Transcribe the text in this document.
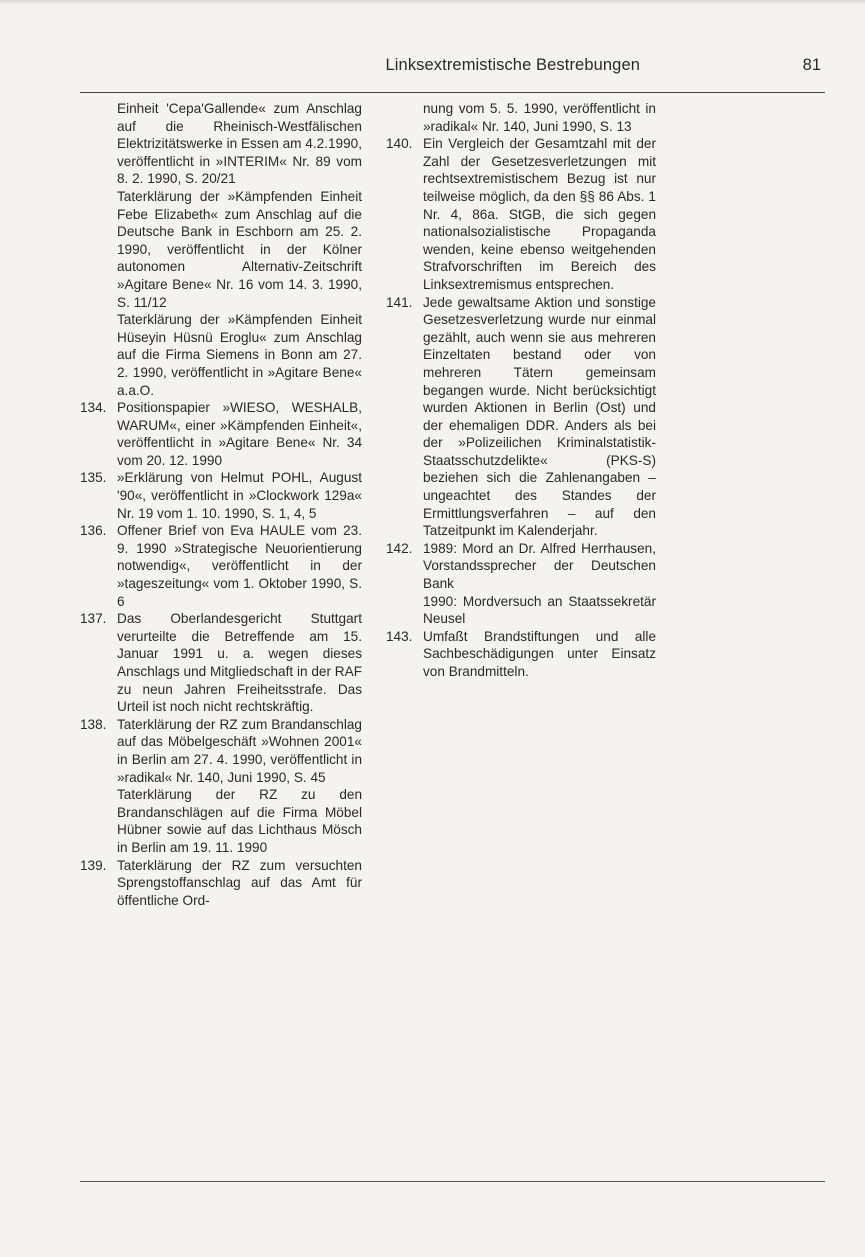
Linksextremistische Bestrebungen	81

Einheit 'Cepa'Gallende« zum Anschlag auf die Rheinisch-Westfälischen Elektrizitätswerke in Essen am 4.2.1990, veröffentlicht in »INTERIM« Nr. 89 vom 8. 2. 1990, S. 20/21

Taterklärung der »Kämpfenden Einheit Febe Elizabeth« zum Anschlag auf die Deutsche Bank in Eschborn am 25. 2. 1990, veröffentlicht in der Kölner autonomen Alternativ-Zeitschrift »Agitare Bene« Nr. 16 vom 14. 3. 1990, S. 11/12

Taterklärung der »Kämpfenden Einheit Hüseyin Hüsnü Eroglu« zum Anschlag auf die Firma Siemens in Bonn am 27. 2. 1990, veröffentlicht in »Agitare Bene« a.a.O.

134. Positionspapier »WIESO, WESHALB, WARUM«, einer »Kämpfenden Einheit«, veröffentlicht in »Agitare Bene« Nr. 34 vom 20. 12. 1990

135. »Erklärung von Helmut POHL, August '90«, veröffentlicht in »Clockwork 129a« Nr. 19 vom 1. 10. 1990, S. 1, 4, 5

136. Offener Brief von Eva HAULE vom 23. 9. 1990 »Strategische Neuorientierung notwendig«, veröffentlicht in der »tageszeitung« vom 1. Oktober 1990, S. 6

137. Das Oberlandesgericht Stuttgart verurteilte die Betreffende am 15. Januar 1991 u. a. wegen dieses Anschlags und Mitgliedschaft in der RAF zu neun Jahren Freiheitsstrafe. Das Urteil ist noch nicht rechtskräftig.

138. Taterklärung der RZ zum Brandanschlag auf das Möbelgeschäft »Wohnen 2001« in Berlin am 27. 4. 1990, veröffentlicht in »radikal« Nr. 140, Juni 1990, S. 45

Taterklärung der RZ zu den Brandanschlägen auf die Firma Möbel Hübner sowie auf das Lichthaus Mösch in Berlin am 19. 11. 1990

139. Taterklärung der RZ zum versuchten Sprengstoffanschlag auf das Amt für öffentliche Ord-

nung vom 5. 5. 1990, veröffentlicht in »radikal« Nr. 140, Juni 1990, S. 13

140. Ein Vergleich der Gesamtzahl mit der Zahl der Gesetzesverletzungen mit rechtsextremistischem Bezug ist nur teilweise möglich, da den §§ 86 Abs. 1 Nr. 4, 86a. StGB, die sich gegen nationalsozialistische Propaganda wenden, keine ebenso weitgehenden Strafvorschriften im Bereich des Linksextremismus entsprechen.

141. Jede gewaltsame Aktion und sonstige Gesetzesverletzung wurde nur einmal gezählt, auch wenn sie aus mehreren Einzeltaten bestand oder von mehreren Tätern gemeinsam begangen wurde. Nicht berücksichtigt wurden Aktionen in Berlin (Ost) und der ehemaligen DDR. Anders als bei der »Polizeilichen Kriminalstatistik-Staatsschutzdelikte« (PKS-S) beziehen sich die Zahlenangaben – ungeachtet des Standes der Ermittlungsverfahren – auf den Tatzeitpunkt im Kalenderjahr.

142. 1989: Mord an Dr. Alfred Herrhausen, Vorstandssprecher der Deutschen Bank

1990: Mordversuch an Staatssekretär Neusel

143. Umfaßt Brandstiftungen und alle Sachbeschädigungen unter Einsatz von Brandmitteln.
